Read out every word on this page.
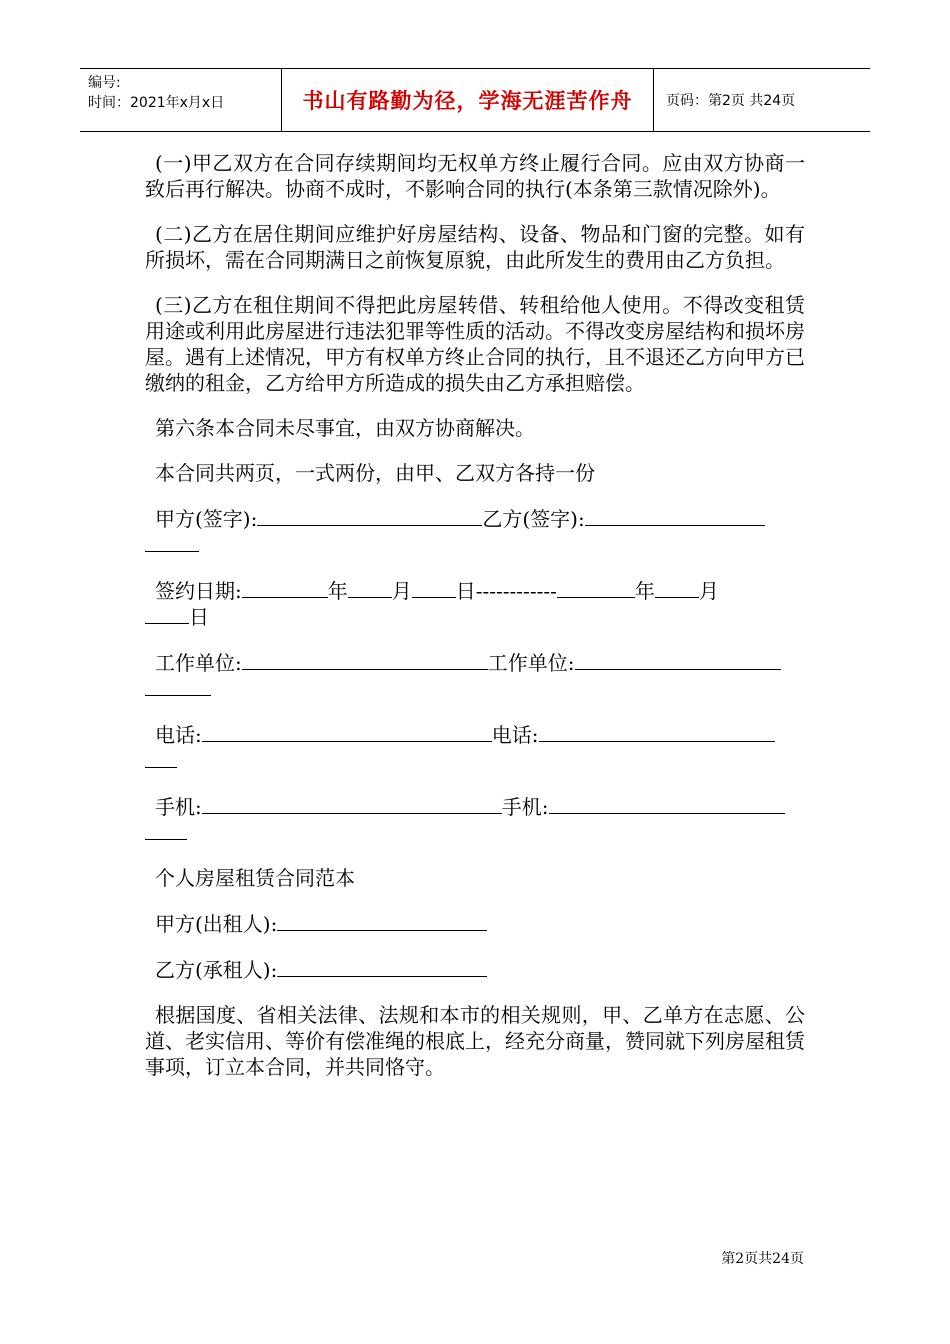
编号:
时间：2021年x月x日	书山有路勤为径，学海无涯苦作舟	页码：第2页 共24页
(一)甲乙双方在合同存续期间均无权单方终止履行合同。应由双方协商一致后再行解决。协商不成时，不影响合同的执行(本条第三款情况除外)。
(二)乙方在居住期间应维护好房屋结构、设备、物品和门窗的完整。如有所损坏，需在合同期满日之前恢复原貌，由此所发生的费用由乙方负担。
(三)乙方在租住期间不得把此房屋转借、转租给他人使用。不得改变租赁用途或利用此房屋进行违法犯罪等性质的活动。不得改变房屋结构和损坏房屋。遇有上述情况，甲方有权单方终止合同的执行，且不退还乙方向甲方已缴纳的租金，乙方给甲方所造成的损失由乙方承担赔偿。
第六条本合同未尽事宜，由双方协商解决。
本合同共两页，一式两份，由甲、乙双方各持一份
甲方(签字):	乙方(签字):
签约日期:	年 月 日------------	年 月
日
工作单位:	工作单位:
电话:	电话:
手机:	手机:
个人房屋租赁合同范本
甲方(出租人):
乙方(承租人):
根据国度、省相关法律、法规和本市的相关规则，甲、乙单方在志愿、公道、老实信用、等价有偿准绳的根底上，经充分商量，赞同就下列房屋租赁事项，订立本合同，并共同恪守。
第2页共24页
